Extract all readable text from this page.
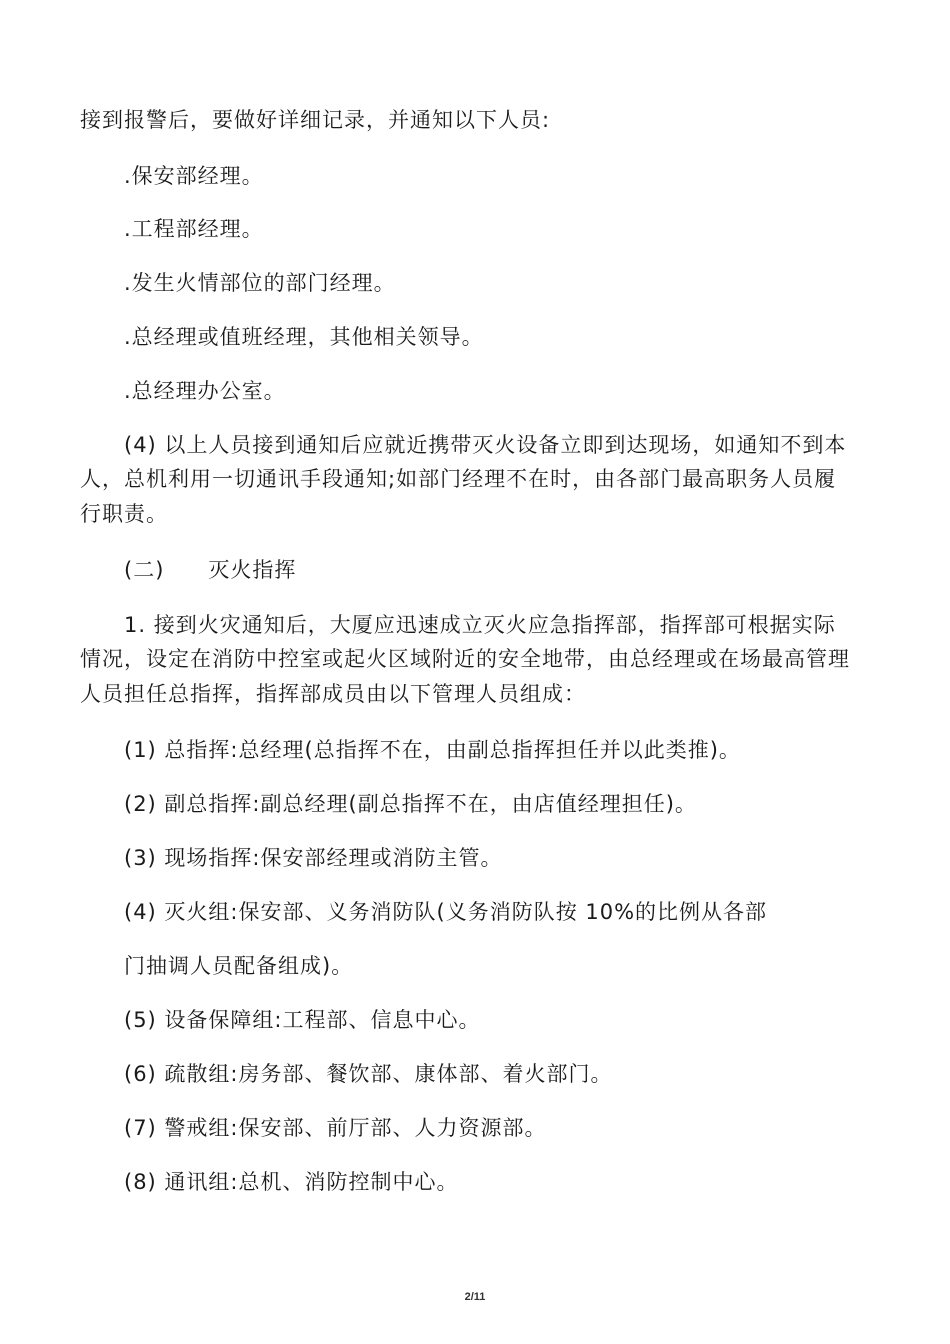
接到报警后，要做好详细记录，并通知以下人员:
.保安部经理。
.工程部经理。
.发生火情部位的部门经理。
.总经理或值班经理，其他相关领导。
.总经理办公室。
(4) 以上人员接到通知后应就近携带灭火设备立即到达现场，如通知不到本
人，总机利用一切通讯手段通知;如部门经理不在时，由各部门最高职务人员履
行职责。
(二) 灭火指挥
1. 接到火灾通知后，大厦应迅速成立灭火应急指挥部，指挥部可根据实际
情况，设定在消防中控室或起火区域附近的安全地带，由总经理或在场最高管理
人员担任总指挥，指挥部成员由以下管理人员组成：
(1) 总指挥:总经理(总指挥不在，由副总指挥担任并以此类推)。
(2) 副总指挥:副总经理(副总指挥不在，由店值经理担任)。
(3) 现场指挥:保安部经理或消防主管。
(4) 灭火组:保安部、义务消防队(义务消防队按 10%的比例从各部
门抽调人员配备组成)。
(5) 设备保障组:工程部、信息中心。
(6) 疏散组:房务部、餐饮部、康体部、着火部门。
(7) 警戒组:保安部、前厅部、人力资源部。
(8) 通讯组:总机、消防控制中心。
2/11
